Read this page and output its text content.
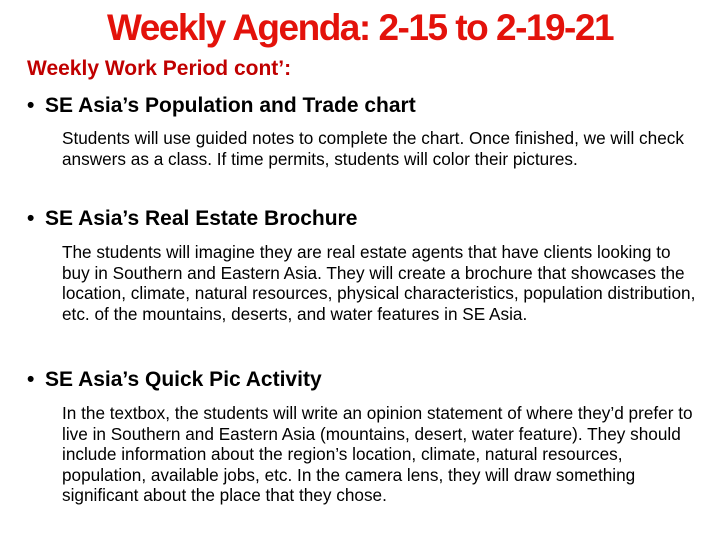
Weekly Agenda: 2-15 to 2-19-21
Weekly Work Period cont’:
• SE Asia’s Population and Trade chart
Students will use guided notes to complete the chart. Once finished, we will check answers as a class. If time permits, students will color their pictures.
• SE Asia’s Real Estate Brochure
The students will imagine they are real estate agents that have clients looking to buy in Southern and Eastern Asia. They will create a brochure that showcases the location, climate, natural resources, physical characteristics, population distribution, etc. of the mountains, deserts, and water features in SE Asia.
• SE Asia’s Quick Pic Activity
In the textbox, the students will write an opinion statement of where they’d prefer to live in Southern and Eastern Asia (mountains, desert, water feature). They should include information about the region’s location, climate, natural resources, population, available jobs, etc. In the camera lens, they will draw something significant about the place that they chose.
